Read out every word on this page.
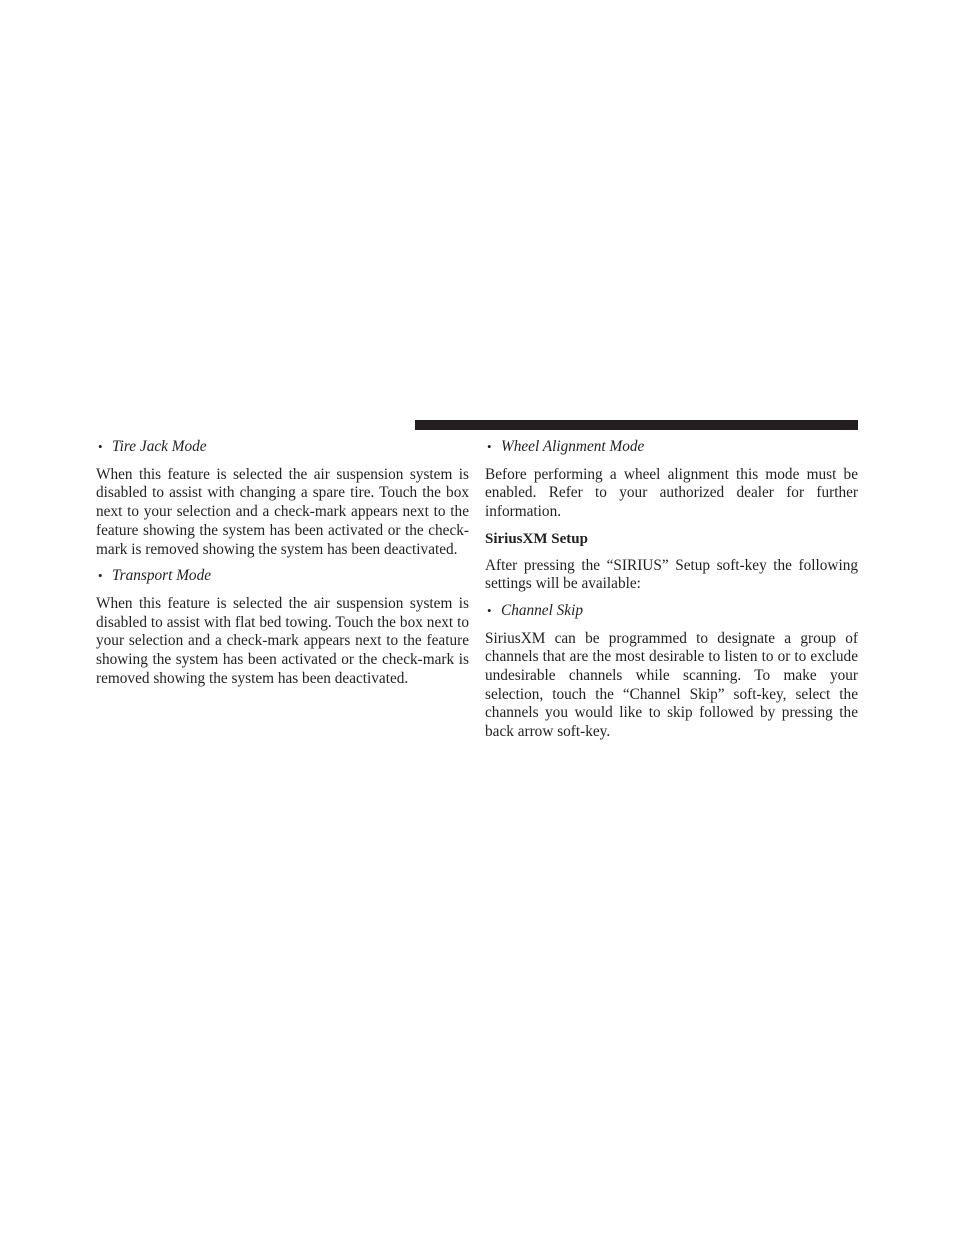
• Tire Jack Mode

When this feature is selected the air suspension system is disabled to assist with changing a spare tire. Touch the box next to your selection and a check-mark appears next to the feature showing the system has been activated or the check-mark is removed showing the system has been deactivated.

• Transport Mode

When this feature is selected the air suspension system is disabled to assist with flat bed towing. Touch the box next to your selection and a check-mark appears next to the feature showing the system has been activated or the check-mark is removed showing the system has been deactivated.

• Wheel Alignment Mode

Before performing a wheel alignment this mode must be enabled. Refer to your authorized dealer for further information.

SiriusXM Setup

After pressing the “SIRIUS” Setup soft-key the following settings will be available:

• Channel Skip

SiriusXM can be programmed to designate a group of channels that are the most desirable to listen to or to exclude undesirable channels while scanning. To make your selection, touch the “Channel Skip” soft-key, select the channels you would like to skip followed by pressing the back arrow soft-key.
